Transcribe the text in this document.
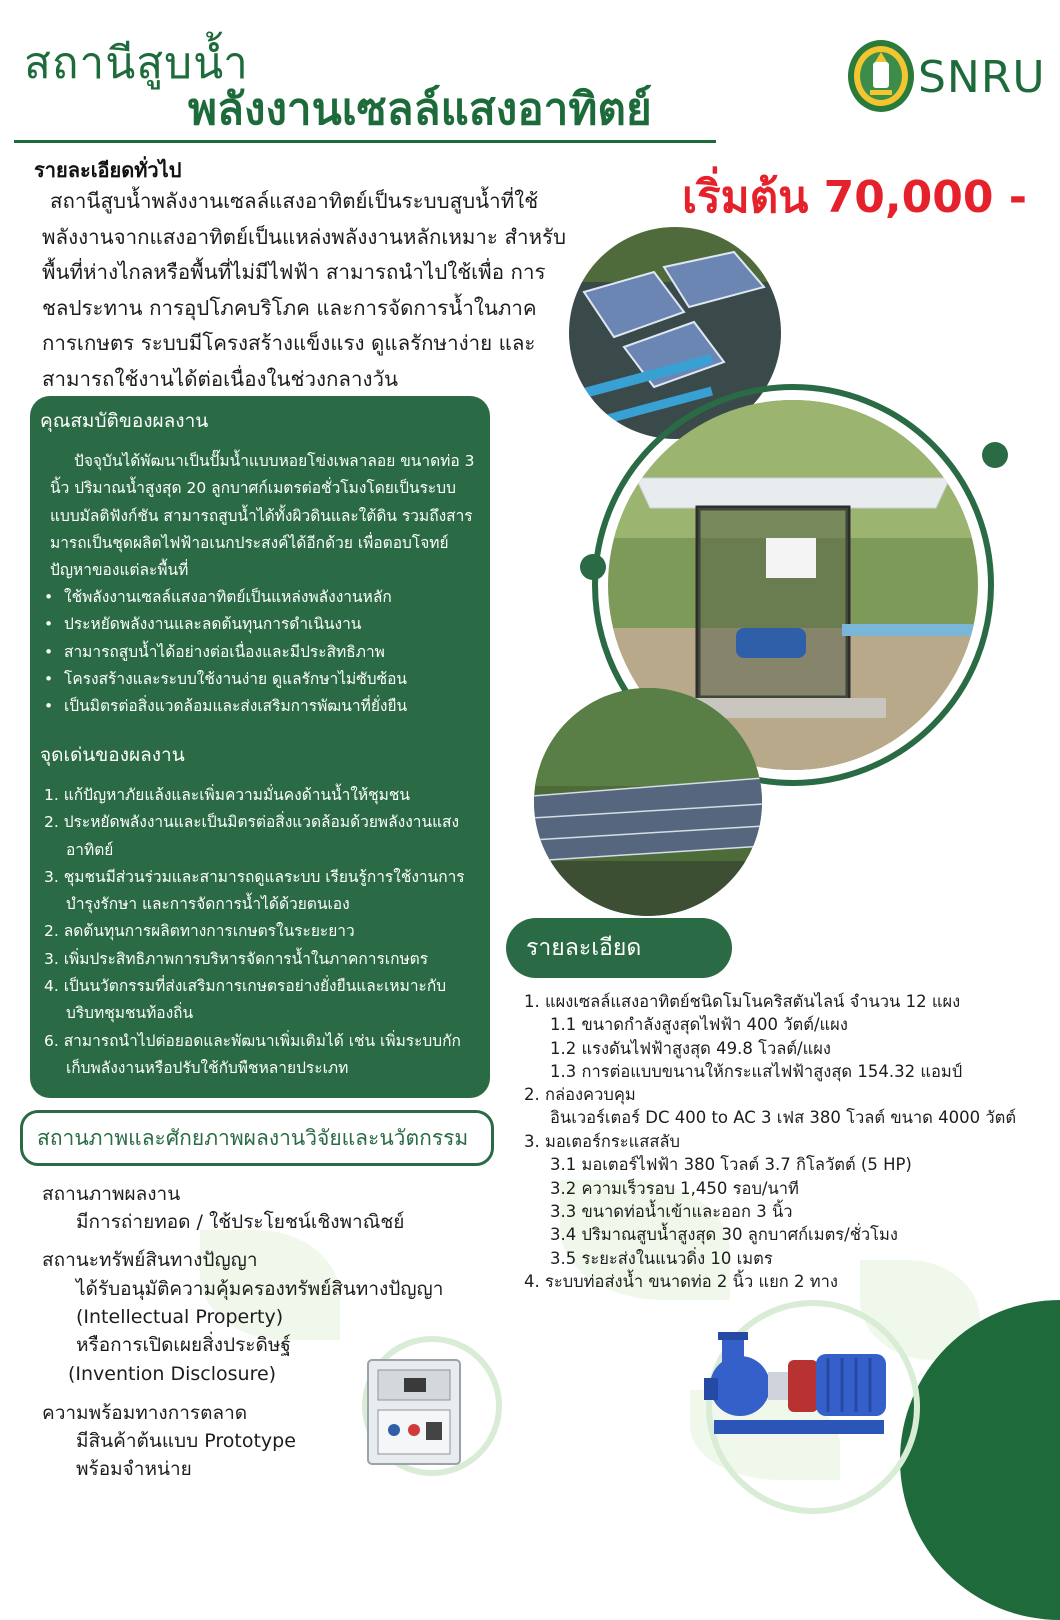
สถานีสูบน้ำ
พลังงานเซลล์แสงอาทิตย์
SNRU
เริ่มต้น 70,000 -
รายละเอียดทั่วไป
สถานีสูบน้ำพลังงานเซลล์แสงอาทิตย์เป็นระบบสูบน้ำที่ใช้ พลังงานจากแสงอาทิตย์เป็นแหล่งพลังงานหลักเหมาะ สำหรับพื้นที่ห่างไกลหรือพื้นที่ไม่มีไฟฟ้า สามารถนำไปใช้เพื่อ การชลประทาน การอุปโภคบริโภค และการจัดการน้ำในภาค การเกษตร ระบบมีโครงสร้างแข็งแรง ดูแลรักษาง่าย และ สามารถใช้งานได้ต่อเนื่องในช่วงกลางวัน
คุณสมบัติของผลงาน
ปัจจุบันได้พัฒนาเป็นปั๊มน้ำแบบหอยโข่งเพลาลอย ขนาดท่อ 3 นิ้ว ปริมาณน้ำสูงสุด 20 ลูกบาศก์เมตรต่อชั่วโมงโดยเป็นระบบแบบมัลติฟังก์ชัน สามารถสูบน้ำได้ทั้งผิวดินและใต้ดิน รวมถึงสารมารถเป็นชุดผลิตไฟฟ้าอเนกประสงค์ได้อีกด้วย เพื่อตอบโจทย์ปัญหาของแต่ละพื้นที่
• ใช้พลังงานเซลล์แสงอาทิตย์เป็นแหล่งพลังงานหลัก
• ประหยัดพลังงานและลดต้นทุนการดำเนินงาน
• สามารถสูบน้ำได้อย่างต่อเนื่องและมีประสิทธิภาพ
• โครงสร้างและระบบใช้งานง่าย ดูแลรักษาไม่ซับซ้อน
• เป็นมิตรต่อสิ่งแวดล้อมและส่งเสริมการพัฒนาที่ยั่งยืน
จุดเด่นของผลงาน
1. แก้ปัญหาภัยแล้งและเพิ่มความมั่นคงด้านน้ำให้ชุมชน
2. ประหยัดพลังงานและเป็นมิตรต่อสิ่งแวดล้อมด้วยพลังงานแสงอาทิตย์
3. ชุมชนมีส่วนร่วมและสามารถดูแลระบบ เรียนรู้การใช้งานการบำรุงรักษา และการจัดการน้ำได้ด้วยตนเอง
2. ลดต้นทุนการผลิตทางการเกษตรในระยะยาว
3. เพิ่มประสิทธิภาพการบริหารจัดการน้ำในภาคการเกษตร
4. เป็นนวัตกรรมที่ส่งเสริมการเกษตรอย่างยั่งยืนและเหมาะกับบริบทชุมชนท้องถิ่น
6. สามารถนำไปต่อยอดและพัฒนาเพิ่มเติมได้ เช่น เพิ่มระบบกักเก็บพลังงานหรือปรับใช้กับพืชหลายประเภท
รายละเอียด
1. แผงเซลล์แสงอาทิตย์ชนิดโมโนคริสตันไลน์ จำนวน 12 แผง
1.1 ขนาดกำลังสูงสุดไฟฟ้า 400 วัตต์/แผง
1.2 แรงดันไฟฟ้าสูงสุด 49.8 โวลต์/แผง
1.3 การต่อแบบขนานให้กระแสไฟฟ้าสูงสุด 154.32 แอมป์
2. กล่องควบคุม
อินเวอร์เตอร์ DC 400 to AC 3 เฟส 380 โวลต์ ขนาด 4000 วัตต์
3. มอเตอร์กระแสสลับ
3.1 มอเตอร์ไฟฟ้า 380 โวลต์ 3.7 กิโลวัตต์ (5 HP)
3.2 ความเร็วรอบ 1,450 รอบ/นาที
3.3 ขนาดท่อน้ำเข้าและออก 3 นิ้ว
3.4 ปริมาณสูบน้ำสูงสุด 30 ลูกบาศก์เมตร/ชั่วโมง
3.5 ระยะส่งในแนวดิ่ง 10 เมตร
4. ระบบท่อส่งน้ำ ขนาดท่อ 2 นิ้ว แยก 2 ทาง
สถานภาพและศักยภาพผลงานวิจัยและนวัตกรรม
สถานภาพผลงาน
มีการถ่ายทอด / ใช้ประโยชน์เชิงพาณิชย์
สถานะทรัพย์สินทางปัญญา
ได้รับอนุมัติความคุ้มครองทรัพย์สินทางปัญญา
(Intellectual Property)
หรือการเปิดเผยสิ่งประดิษฐ์
(Invention Disclosure)
ความพร้อมทางการตลาด
มีสินค้าต้นแบบ Prototype
พร้อมจำหน่าย
